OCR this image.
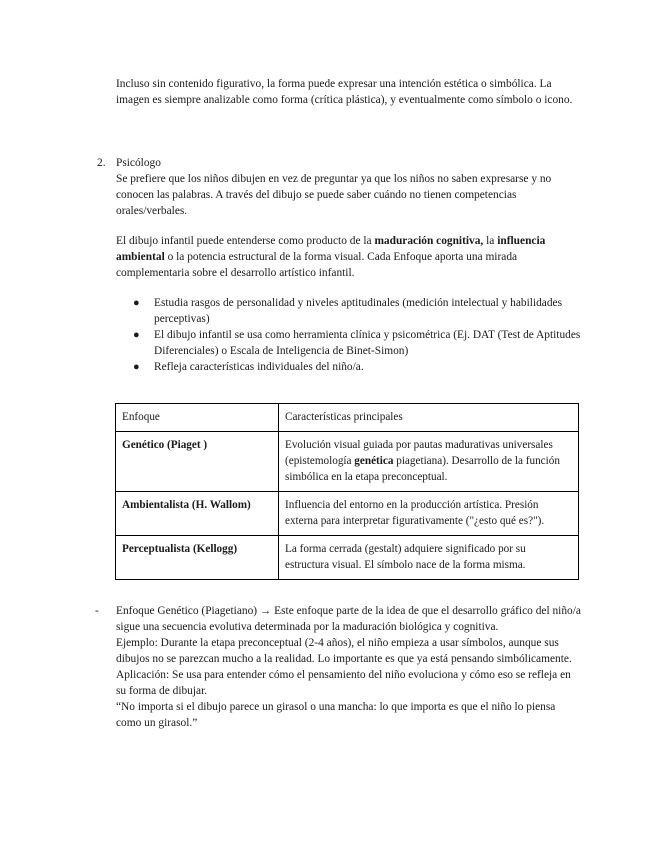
Incluso sin contenido figurativo, la forma puede expresar una intención estética o simbólica. La imagen es siempre analizable como forma (crítica plástica), y eventualmente como símbolo o icono.

2. Psicólogo

Se prefiere que los niños dibujen en vez de preguntar ya que los niños no saben expresarse y no conocen las palabras. A través del dibujo se puede saber cuándo no tienen competencias orales/verbales.

El dibujo infantil puede entenderse como producto de la maduración cognitiva, la influencia ambiental o la potencia estructural de la forma visual. Cada Enfoque aporta una mirada complementaria sobre el desarrollo artístico infantil.

● Estudia rasgos de personalidad y niveles aptitudinales (medición intelectual y habilidades perceptivas)
● El dibujo infantil se usa como herramienta clínica y psicométrica (Ej. DAT (Test de Aptitudes Diferenciales) o Escala de Inteligencia de Binet-Simon)
● Refleja características individuales del niño/a.
Enfoque	Características principales
Genético (Piaget )	Evolución visual guiada por pautas madurativas universales (epistemología genética piagetiana). Desarrollo de la función simbólica en la etapa preconceptual.
Ambientalista (H. Wallom)	Influencia del entorno en la producción artística. Presión externa para interpretar figurativamente ("¿esto qué es?").
Perceptualista (Kellogg)	La forma cerrada (gestalt) adquiere significado por su estructura visual. El símbolo nace de la forma misma.
- Enfoque Genético (Piagetiano) → Este enfoque parte de la idea de que el desarrollo gráfico del niño/a sigue una secuencia evolutiva determinada por la maduración biológica y cognitiva.

Ejemplo: Durante la etapa preconceptual (2-4 años), el niño empieza a usar símbolos, aunque sus dibujos no se parezcan mucho a la realidad. Lo importante es que ya está pensando simbólicamente.

Aplicación: Se usa para entender cómo el pensamiento del niño evoluciona y cómo eso se refleja en su forma de dibujar.

“No importa si el dibujo parece un girasol o una mancha: lo que importa es que el niño lo piensa como un girasol.”
